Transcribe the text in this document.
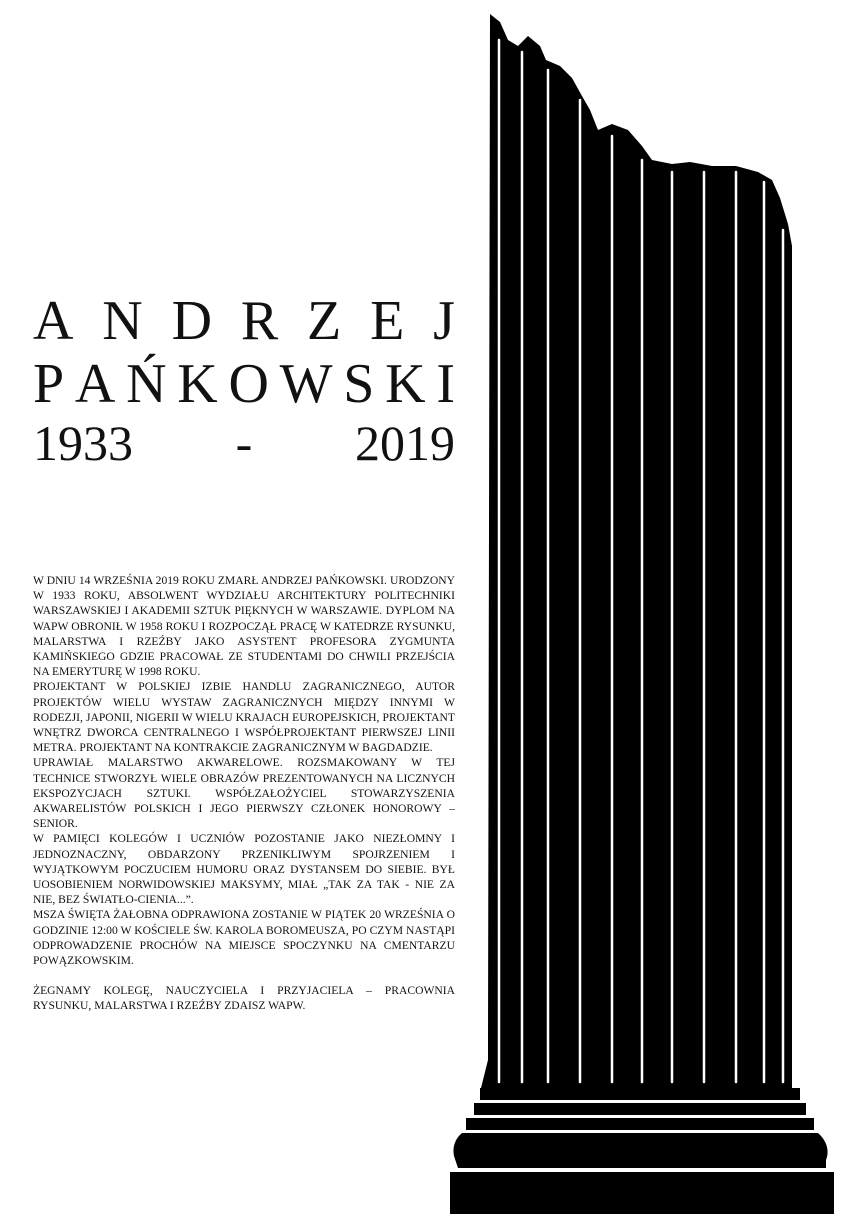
A N D R Z E J
P A Ń K O W S K I
1933 - 2019

W DNIU 14 WRZEŚNIA 2019 ROKU ZMARŁ ANDRZEJ PAŃKOWSKI. URODZONY W 1933 ROKU, ABSOLWENT WYDZIAŁU ARCHITEKTURY POLITECHNIKI WARSZAWSKIEJ I AKADEMII SZTUK PIĘKNYCH W WARSZAWIE. DYPLOM NA WAPW OBRONIŁ W 1958 ROKU I ROZPOCZĄŁ PRACĘ W KATEDRZE RYSUNKU, MALARSTWA I RZEŹBY JAKO ASYSTENT PROFESORA ZYGMUNTA KAMIŃSKIEGO GDZIE PRACOWAŁ ZE STUDENTAMI DO CHWILI PRZEJŚCIA NA EMERYTURĘ W 1998 ROKU.

PROJEKTANT W POLSKIEJ IZBIE HANDLU ZAGRANICZNEGO, AUTOR PROJEKTÓW WIELU WYSTAW ZAGRANICZNYCH MIĘDZY INNYMI W RODEZJI, JAPONII, NIGERII W WIELU KRAJACH EUROPEJSKICH, PROJEKTANT WNĘTRZ DWORCA CENTRALNEGO I WSPÓŁPROJEKTANT PIERWSZEJ LINII METRA. PROJEKTANT NA KONTRAKCIE ZAGRANICZNYM W BAGDADZIE.

UPRAWIAŁ MALARSTWO AKWARELOWE. ROZSMAKOWANY W TEJ TECHNICE STWORZYŁ WIELE OBRAZÓW PREZENTOWANYCH NA LICZNYCH EKSPOZYCJACH SZTUKI. WSPÓŁZAŁOŻYCIEL STOWARZYSZENIA AKWARELISTÓW POLSKICH I JEGO PIERWSZY CZŁONEK HONOROWY – SENIOR.

W PAMIĘCI KOLEGÓW I UCZNIÓW POZOSTANIE JAKO NIEZŁOMNY I JEDNOZNACZNY, OBDARZONY PRZENIKLIWYM SPOJRZENIEM I WYJĄTKOWYM POCZUCIEM HUMORU ORAZ DYSTANSEM DO SIEBIE. BYŁ UOSOBIENIEM NORWIDOWSKIEJ MAKSYMY, MIAŁ „TAK ZA TAK - NIE ZA NIE, BEZ ŚWIATŁO-CIENIA...”.

MSZA ŚWIĘTA ŻAŁOBNA ODPRAWIONA ZOSTANIE W PIĄTEK 20 WRZEŚNIA O GODZINIE 12:00 W KOŚCIELE ŚW. KAROLA BOROMEUSZA, PO CZYM NASTĄPI ODPROWADZENIE PROCHÓW NA MIEJSCE SPOCZYNKU NA CMENTARZU POWĄZKOWSKIM.

ŻEGNAMY KOLEGĘ, NAUCZYCIELA I PRZYJACIELA – PRACOWNIA RYSUNKU, MALARSTWA I RZEŹBY ZDAISZ WAPW.
